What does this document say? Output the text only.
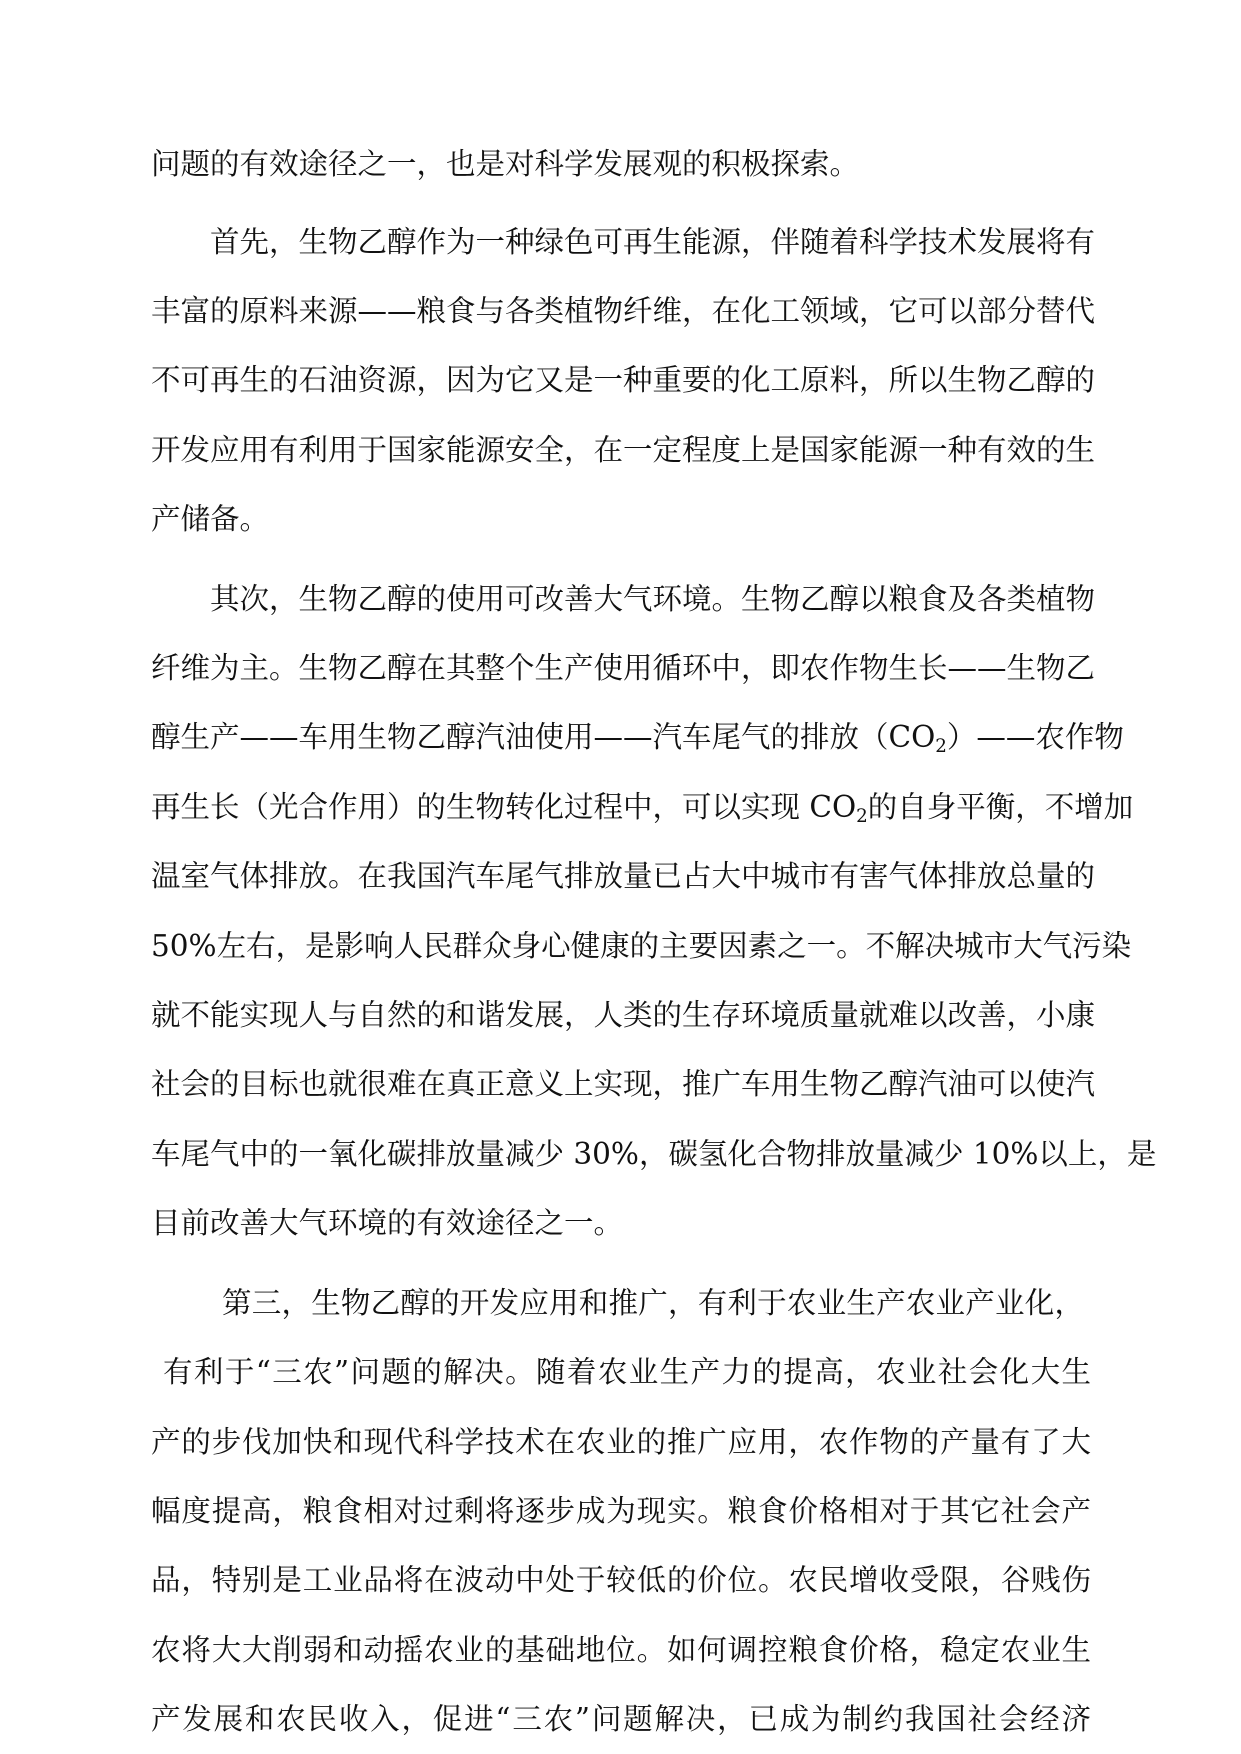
问题的有效途径之一，也是对科学发展观的积极探索。
首先，生物乙醇作为一种绿色可再生能源，伴随着科学技术发展将有
丰富的原料来源——粮食与各类植物纤维，在化工领域，它可以部分替代
不可再生的石油资源，因为它又是一种重要的化工原料，所以生物乙醇的
开发应用有利用于国家能源安全，在一定程度上是国家能源一种有效的生
产储备。
其次，生物乙醇的使用可改善大气环境。生物乙醇以粮食及各类植物
纤维为主。生物乙醇在其整个生产使用循环中，即农作物生长——生物乙
醇生产——车用生物乙醇汽油使用——汽车尾气的排放$(CO_2)——$农作物
再生长（光合作用）的生物转化过程中，可以实现 $CO_2$的自身平衡，不增加
温室气体排放。在我国汽车尾气排放量已占大中城市有害气体排放总量的
50%左右，是影响人民群众身心健康的主要因素之一。不解决城市大气污染
就不能实现人与自然的和谐发展，人类的生存环境质量就难以改善，小康
社会的目标也就很难在真正意义上实现，推广车用生物乙醇汽油可以使汽
车尾气中的一氧化碳排放量减少 30%，碳氢化合物排放量减少 10%以上，是
目前改善大气环境的有效途径之一。
第三，生物乙醇的开发应用和推广，有利于农业生产农业产业化，
有利于“三农”问题的解决。随着农业生产力的提高，农业社会化大生
产的步伐加快和现代科学技术在农业的推广应用，农作物的产量有了大
幅度提高，粮食相对过剩将逐步成为现实。粮食价格相对于其它社会产
品，特别是工业品将在波动中处于较低的价位。农民增收受限，谷贱伤
农将大大削弱和动摇农业的基础地位。如何调控粮食价格，稳定农业生
产发展和农民收入，促进“三农”问题解决，已成为制约我国社会经济
